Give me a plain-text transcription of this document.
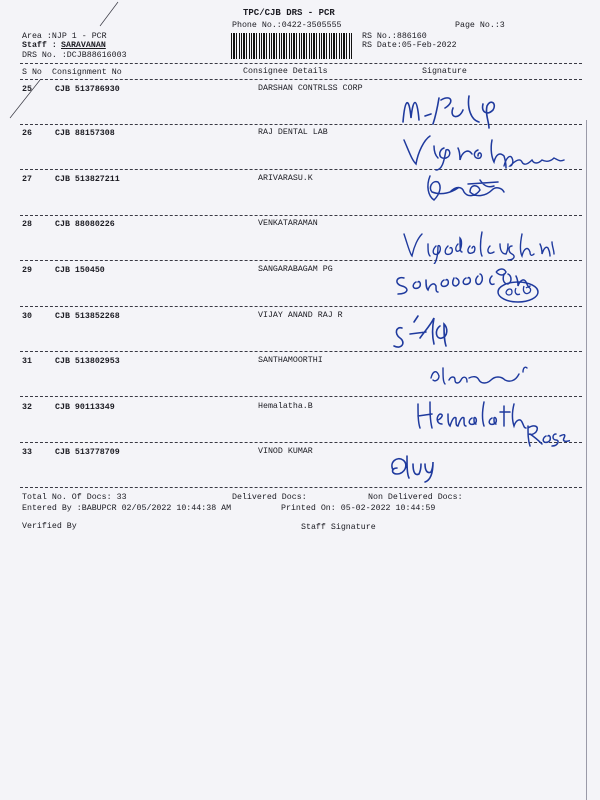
TPC/CJB DRS - PCR
Phone No.:0422-3505555	Page No.:3
Area :NJP 1 - PCR
Staff : SARAVANAN
DRS No. :DCJB88616003
RS No.:886160
RS Date:05-Feb-2022
S No Consignment No	Consignee Details	Signature
25	CJB 513786930	DARSHAN CONTRLSS CORP
26	CJB 88157308	RAJ DENTAL LAB
27	CJB 513827211	ARIVARASU.K
28	CJB 88080226	VENKATARAMAN
29	CJB 150450	SANGARABAGAM PG
30	CJB 513852268	VIJAY ANAND RAJ R
31	CJB 513802953	SANTHAMOORTHI
32	CJB 90113349	Hemalatha.B
33	CJB 513778709	VINOD KUMAR
Total No. Of Docs: 33	Delivered Docs:	Non Delivered Docs:
Entered By :BABUPCR 02/05/2022 10:44:38 AM	Printed On: 05-02-2022 10:44:59
Verified By	Staff Signature
